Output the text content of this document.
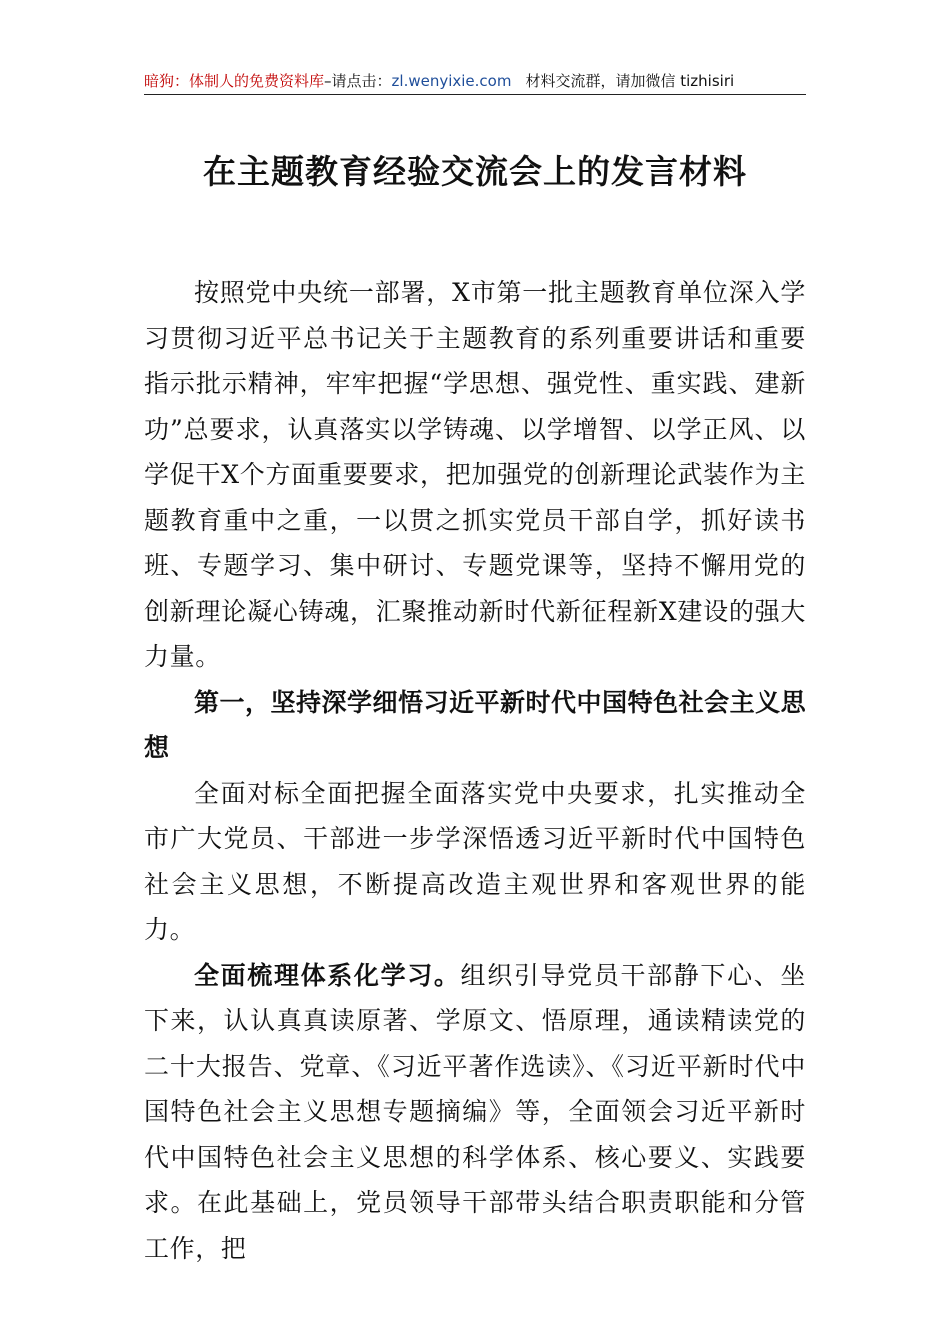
暗狗：体制人的免费资料库–请点击：zl.wenyixie.com 材料交流群，请加微信 tizhisiri
在主题教育经验交流会上的发言材料

按照党中央统一部署，X市第一批主题教育单位深入学习贯彻习近平总书记关于主题教育的系列重要讲话和重要指示批示精神，牢牢把握“学思想、强党性、重实践、建新功”总要求，认真落实以学铸魂、以学增智、以学正风、以学促干X个方面重要要求，把加强党的创新理论武装作为主题教育重中之重，一以贯之抓实党员干部自学，抓好读书班、专题学习、集中研讨、专题党课等，坚持不懈用党的创新理论凝心铸魂，汇聚推动新时代新征程新X建设的强大力量。

第一，坚持深学细悟习近平新时代中国特色社会主义思想

全面对标全面把握全面落实党中央要求，扎实推动全市广大党员、干部进一步学深悟透习近平新时代中国特色社会主义思想，不断提高改造主观世界和客观世界的能力。

全面梳理体系化学习。组织引导党员干部静下心、坐下来，认认真真读原著、学原文、悟原理，通读精读党的二十大报告、党章、《习近平著作选读》、《习近平新时代中国特色社会主义思想专题摘编》等，全面领会习近平新时代中国特色社会主义思想的科学体系、核心要义、实践要求。在此基础上，党员领导干部带头结合职责职能和分管工作，把
